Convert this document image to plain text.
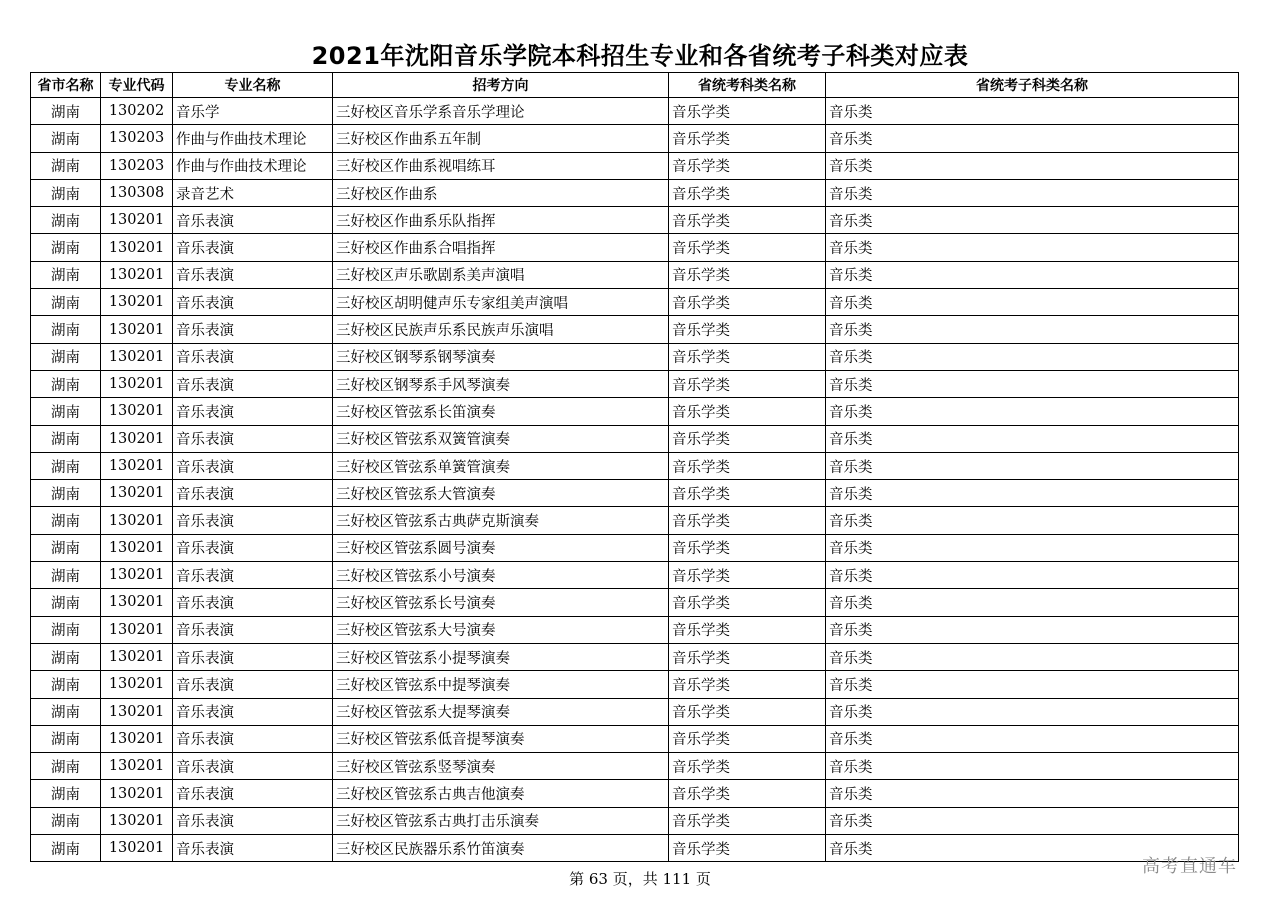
2021年沈阳音乐学院本科招生专业和各省统考子科类对应表
省市名称	专业代码	专业名称	招考方向	省统考科类名称	省统考子科类名称
湖南	130202	音乐学	三好校区音乐学系音乐学理论	音乐学类	音乐类
湖南	130203	作曲与作曲技术理论	三好校区作曲系五年制	音乐学类	音乐类
湖南	130203	作曲与作曲技术理论	三好校区作曲系视唱练耳	音乐学类	音乐类
湖南	130308	录音艺术	三好校区作曲系	音乐学类	音乐类
湖南	130201	音乐表演	三好校区作曲系乐队指挥	音乐学类	音乐类
湖南	130201	音乐表演	三好校区作曲系合唱指挥	音乐学类	音乐类
湖南	130201	音乐表演	三好校区声乐歌剧系美声演唱	音乐学类	音乐类
湖南	130201	音乐表演	三好校区胡明健声乐专家组美声演唱	音乐学类	音乐类
湖南	130201	音乐表演	三好校区民族声乐系民族声乐演唱	音乐学类	音乐类
湖南	130201	音乐表演	三好校区钢琴系钢琴演奏	音乐学类	音乐类
湖南	130201	音乐表演	三好校区钢琴系手风琴演奏	音乐学类	音乐类
湖南	130201	音乐表演	三好校区管弦系长笛演奏	音乐学类	音乐类
湖南	130201	音乐表演	三好校区管弦系双簧管演奏	音乐学类	音乐类
湖南	130201	音乐表演	三好校区管弦系单簧管演奏	音乐学类	音乐类
湖南	130201	音乐表演	三好校区管弦系大管演奏	音乐学类	音乐类
湖南	130201	音乐表演	三好校区管弦系古典萨克斯演奏	音乐学类	音乐类
湖南	130201	音乐表演	三好校区管弦系圆号演奏	音乐学类	音乐类
湖南	130201	音乐表演	三好校区管弦系小号演奏	音乐学类	音乐类
湖南	130201	音乐表演	三好校区管弦系长号演奏	音乐学类	音乐类
湖南	130201	音乐表演	三好校区管弦系大号演奏	音乐学类	音乐类
湖南	130201	音乐表演	三好校区管弦系小提琴演奏	音乐学类	音乐类
湖南	130201	音乐表演	三好校区管弦系中提琴演奏	音乐学类	音乐类
湖南	130201	音乐表演	三好校区管弦系大提琴演奏	音乐学类	音乐类
湖南	130201	音乐表演	三好校区管弦系低音提琴演奏	音乐学类	音乐类
湖南	130201	音乐表演	三好校区管弦系竖琴演奏	音乐学类	音乐类
湖南	130201	音乐表演	三好校区管弦系古典吉他演奏	音乐学类	音乐类
湖南	130201	音乐表演	三好校区管弦系古典打击乐演奏	音乐学类	音乐类
湖南	130201	音乐表演	三好校区民族器乐系竹笛演奏	音乐学类	音乐类
第 63 页，共 111 页
高考直通车
